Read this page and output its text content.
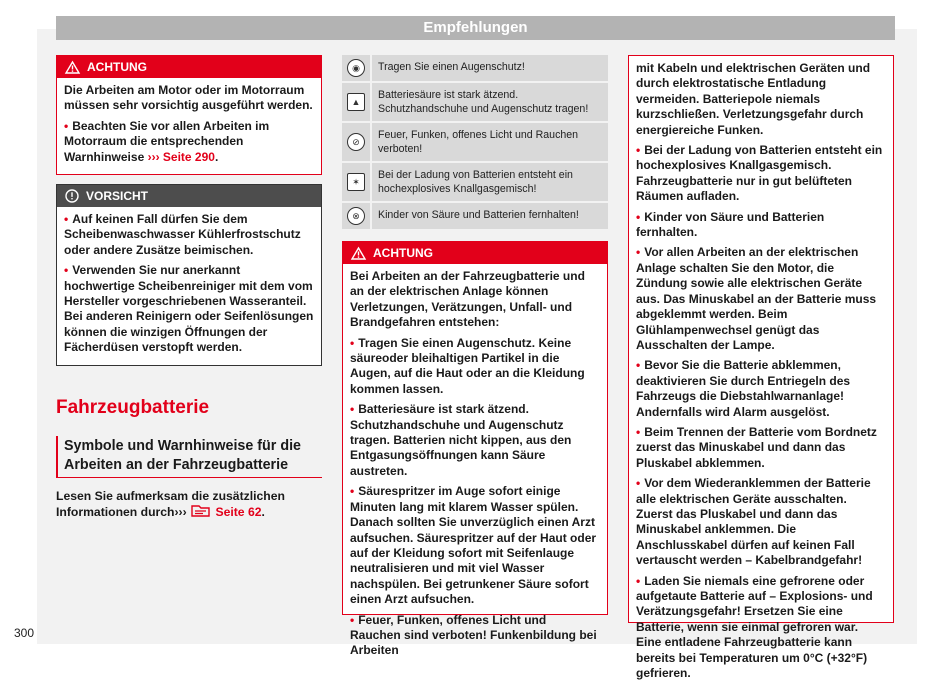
Empfehlungen
ACHTUNG

Die Arbeiten am Motor oder im Motorraum müssen sehr vorsichtig ausgeführt werden.

• Beachten Sie vor allen Arbeiten im Motorraum die entsprechenden Warnhinweise ››› Seite 290.

VORSICHT

• Auf keinen Fall dürfen Sie dem Scheibenwaschwasser Kühlerfrostschutz oder andere Zusätze beimischen.

• Verwenden Sie nur anerkannt hochwertige Scheibenreiniger mit dem vom Hersteller vorgeschriebenen Wasseranteil. Bei anderen Reinigern oder Seifenlösungen können die winzigen Öffnungen der Fächerdüsen verstopft werden.

Fahrzeugbatterie
Symbole und Warnhinweise für die Arbeiten an der Fahrzeugbatterie
Lesen Sie aufmerksam die zusätzlichen Informationen durch›››  Seite 62.
◉	Tragen Sie einen Augenschutz!
▲
Batteriesäure ist stark ätzend. Schutzhandschuhe und Augenschutz tragen!
⊘
Feuer, Funken, offenes Licht und Rauchen verboten!
✶
Bei der Ladung von Batterien entsteht ein hochexplosives Knallgasgemisch!
⊗	Kinder von Säure und Batterien fernhalten!
ACHTUNG

Bei Arbeiten an der Fahrzeugbatterie und an der elektrischen Anlage können Verletzungen, Verätzungen, Unfall- und Brandgefahren entstehen:

• Tragen Sie einen Augenschutz. Keine säureoder bleihaltigen Partikel in die Augen, auf die Haut oder an die Kleidung kommen lassen.

• Batteriesäure ist stark ätzend. Schutzhandschuhe und Augenschutz tragen. Batterien nicht kippen, aus den Entgasungsöffnungen kann Säure austreten.

• Säurespritzer im Auge sofort einige Minuten lang mit klarem Wasser spülen. Danach sollten Sie unverzüglich einen Arzt aufsuchen. Säurespritzer auf der Haut oder auf der Kleidung sofort mit Seifenlauge neutralisieren und mit viel Wasser nachspülen. Bei getrunkener Säure sofort einen Arzt aufsuchen.

• Feuer, Funken, offenes Licht und Rauchen sind verboten! Funkenbildung bei Arbeiten

mit Kabeln und elektrischen Geräten und durch elektrostatische Entladung vermeiden. Batteriepole niemals kurzschließen. Verletzungsgefahr durch energiereiche Funken.

• Bei der Ladung von Batterien entsteht ein hochexplosives Knallgasgemisch. Fahrzeugbatterie nur in gut belüfteten Räumen aufladen.

• Kinder von Säure und Batterien fernhalten.

• Vor allen Arbeiten an der elektrischen Anlage schalten Sie den Motor, die Zündung sowie alle elektrischen Geräte aus. Das Minuskabel an der Batterie muss abgeklemmt werden. Beim Glühlampenwechsel genügt das Ausschalten der Lampe.

• Bevor Sie die Batterie abklemmen, deaktivieren Sie durch Entriegeln des Fahrzeugs die Diebstahlwarnanlage! Andernfalls wird Alarm ausgelöst.

• Beim Trennen der Batterie vom Bordnetz zuerst das Minuskabel und dann das Pluskabel abklemmen.

• Vor dem Wiederanklemmen der Batterie alle elektrischen Geräte ausschalten. Zuerst das Pluskabel und dann das Minuskabel anklemmen. Die Anschlusskabel dürfen auf keinen Fall vertauscht werden – Kabelbrandgefahr!

• Laden Sie niemals eine gefrorene oder aufgetaute Batterie auf – Explosions- und Verätzungsgefahr! Ersetzen Sie eine Batterie, wenn sie einmal gefroren war. Eine entladene Fahrzeugbatterie kann bereits bei Temperaturen um 0°C (+32°F) gefrieren.

300
